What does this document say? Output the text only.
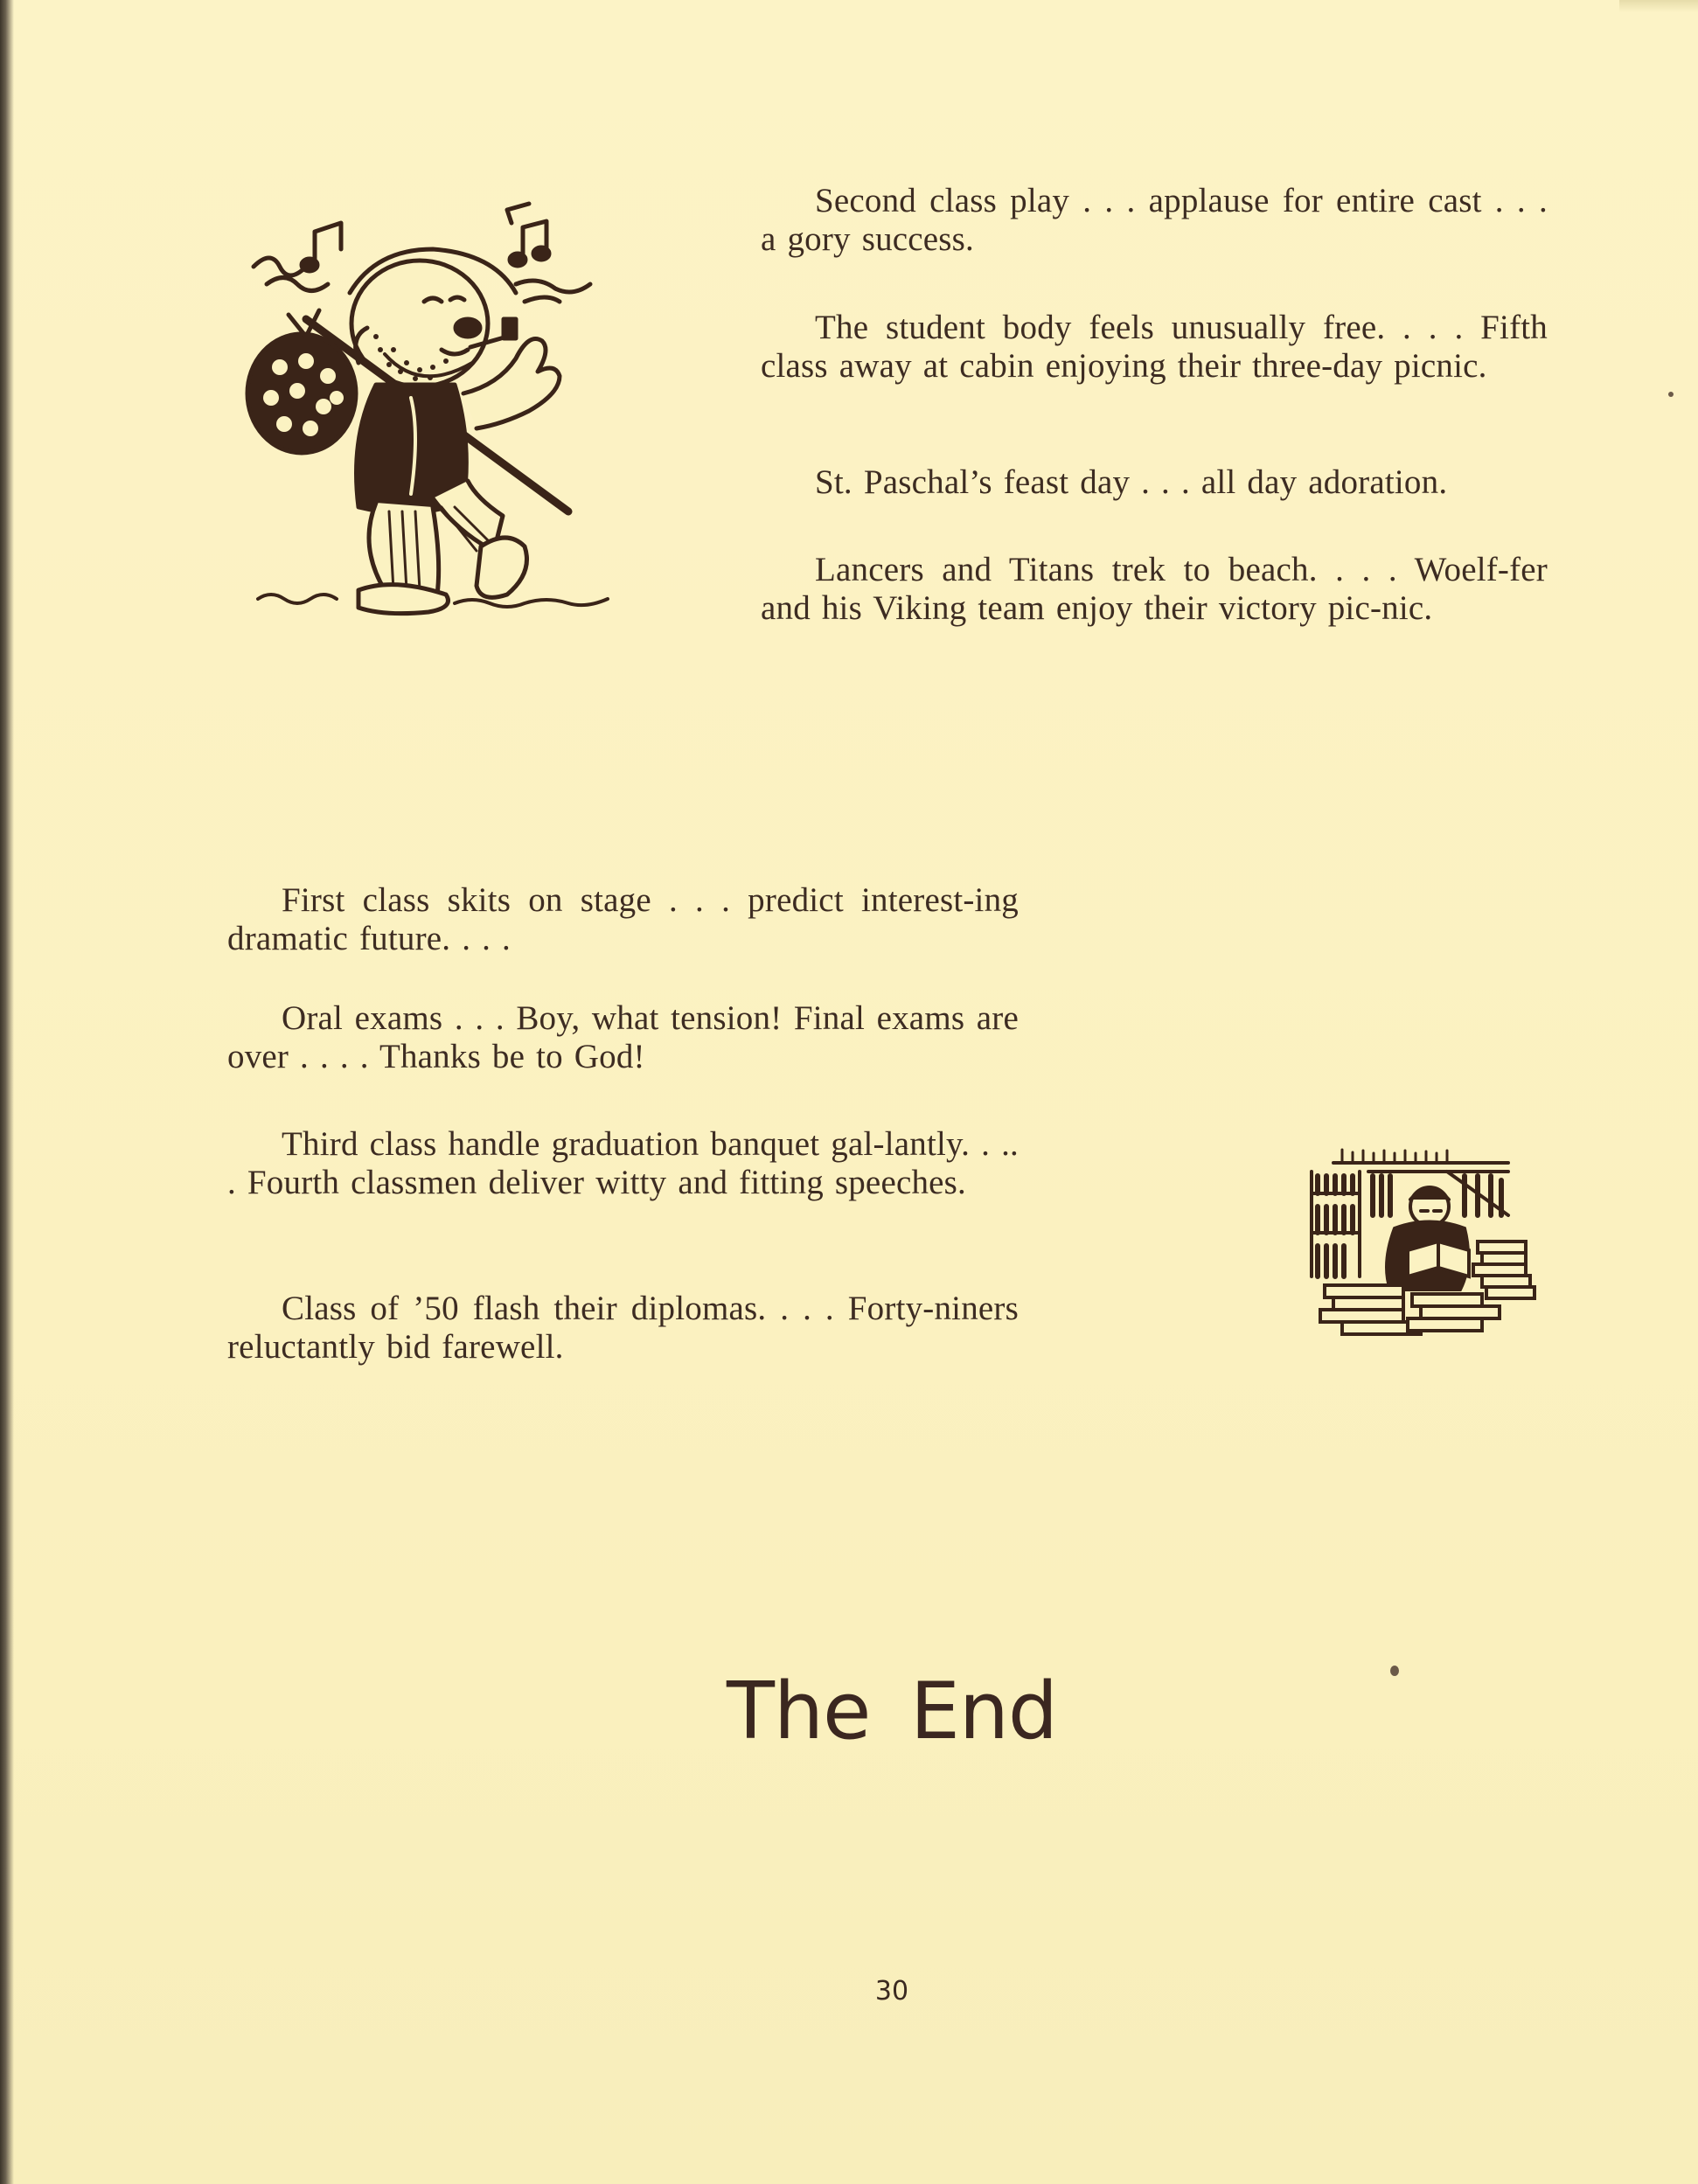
Second class play . . . applause for entire cast . . . a gory success.

The student body feels unusually free. . . . Fifth class away at cabin enjoying their three-day picnic.

St. Paschal’s feast day . . . all day adoration.

Lancers and Titans trek to beach. . . . Woelf-fer and his Viking team enjoy their victory pic-nic.

First class skits on stage . . . predict interest-ing dramatic future. . . .

Oral exams . . . Boy, what tension! Final exams are over . . . . Thanks be to God!

Third class handle graduation banquet gal-lantly. . .. . Fourth classmen deliver witty and fitting speeches.

Class of ’50 flash their diplomas. . . . Forty-niners reluctantly bid farewell.

The End
30
